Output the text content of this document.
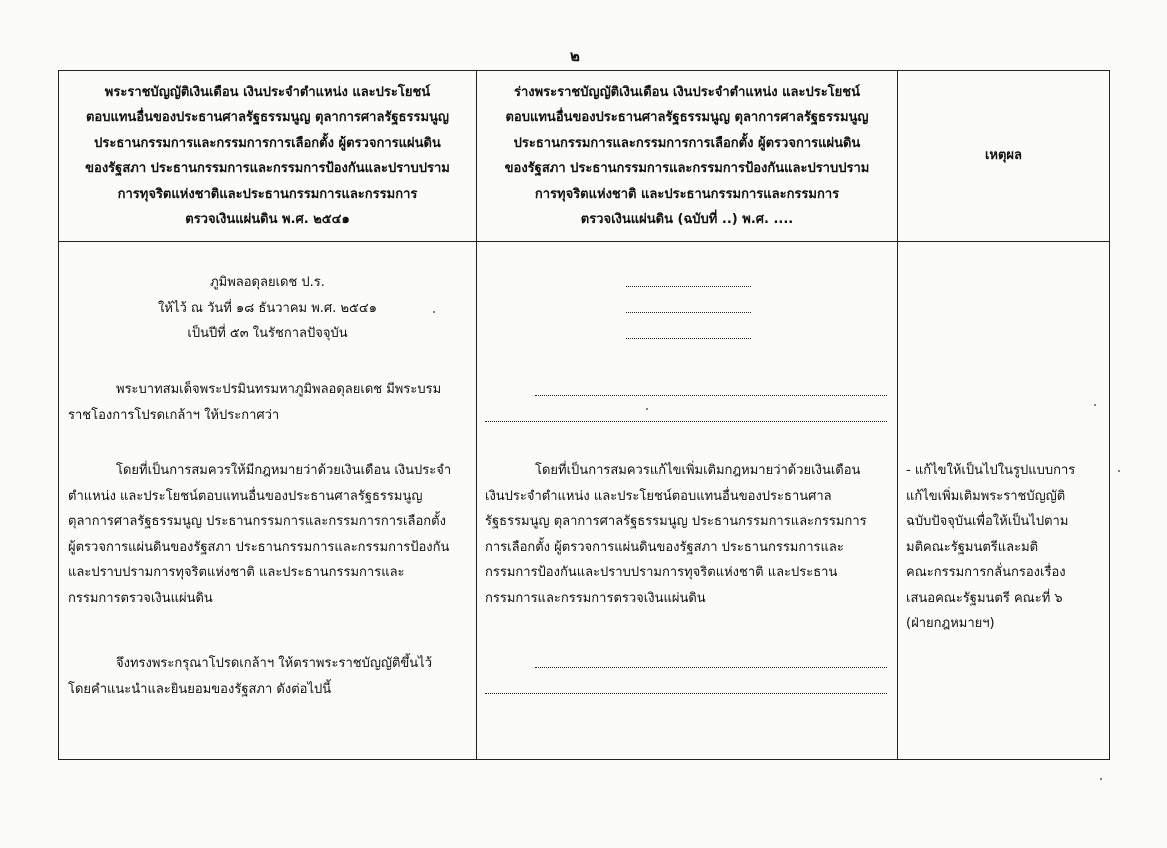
๒
พระราชบัญญัติเงินเดือน เงินประจำตำแหน่ง และประโยชน์
ตอบแทนอื่นของประธานศาลรัฐธรรมนูญ ตุลาการศาลรัฐธรรมนูญ
ประธานกรรมการและกรรมการการเลือกตั้ง ผู้ตรวจการแผ่นดิน
ของรัฐสภา ประธานกรรมการและกรรมการป้องกันและปราบปราม
การทุจริตแห่งชาติและประธานกรรมการและกรรมการ
ตรวจเงินแผ่นดิน พ.ศ. ๒๕๔๑
ร่างพระราชบัญญัติเงินเดือน เงินประจำตำแหน่ง และประโยชน์
ตอบแทนอื่นของประธานศาลรัฐธรรมนูญ ตุลาการศาลรัฐธรรมนูญ
ประธานกรรมการและกรรมการการเลือกตั้ง ผู้ตรวจการแผ่นดิน
ของรัฐสภา ประธานกรรมการและกรรมการป้องกันและปราบปราม
การทุจริตแห่งชาติ และประธานกรรมการและกรรมการ
ตรวจเงินแผ่นดิน (ฉบับที่ ..) พ.ศ. ....
เหตุผล
ภูมิพลอดุลยเดช ป.ร.
ให้ไว้ ณ วันที่ ๑๘ ธันวาคม พ.ศ. ๒๕๔๑
เป็นปีที่ ๕๓ ในรัชกาลปัจจุบัน
พระบาทสมเด็จพระปรมินทรมหาภูมิพลอดุลยเดช มีพระบรม
ราชโองการโปรดเกล้าฯ ให้ประกาศว่า
โดยที่เป็นการสมควรให้มีกฎหมายว่าด้วยเงินเดือน เงินประจำ
ตำแหน่ง และประโยชน์ตอบแทนอื่นของประธานศาลรัฐธรรมนูญ
ตุลาการศาลรัฐธรรมนูญ ประธานกรรมการและกรรมการการเลือกตั้ง
ผู้ตรวจการแผ่นดินของรัฐสภา ประธานกรรมการและกรรมการป้องกัน
และปราบปรามการทุจริตแห่งชาติ และประธานกรรมการและ
กรรมการตรวจเงินแผ่นดิน
จึงทรงพระกรุณาโปรดเกล้าฯ ให้ตราพระราชบัญญัติขึ้นไว้
โดยคำแนะนำและยินยอมของรัฐสภา ดังต่อไปนี้
โดยที่เป็นการสมควรแก้ไขเพิ่มเติมกฎหมายว่าด้วยเงินเดือน
เงินประจำตำแหน่ง และประโยชน์ตอบแทนอื่นของประธานศาล
รัฐธรรมนูญ ตุลาการศาลรัฐธรรมนูญ ประธานกรรมการและกรรมการ
การเลือกตั้ง ผู้ตรวจการแผ่นดินของรัฐสภา ประธานกรรมการและ
กรรมการป้องกันและปราบปรามการทุจริตแห่งชาติ และประธาน
กรรมการและกรรมการตรวจเงินแผ่นดิน
- แก้ไขให้เป็นไปในรูปแบบการ
แก้ไขเพิ่มเติมพระราชบัญญัติ
ฉบับปัจจุบันเพื่อให้เป็นไปตาม
มติคณะรัฐมนตรีและมติ
คณะกรรมการกลั่นกรองเรื่อง
เสนอคณะรัฐมนตรี คณะที่ ๖
(ฝ่ายกฎหมายฯ)
